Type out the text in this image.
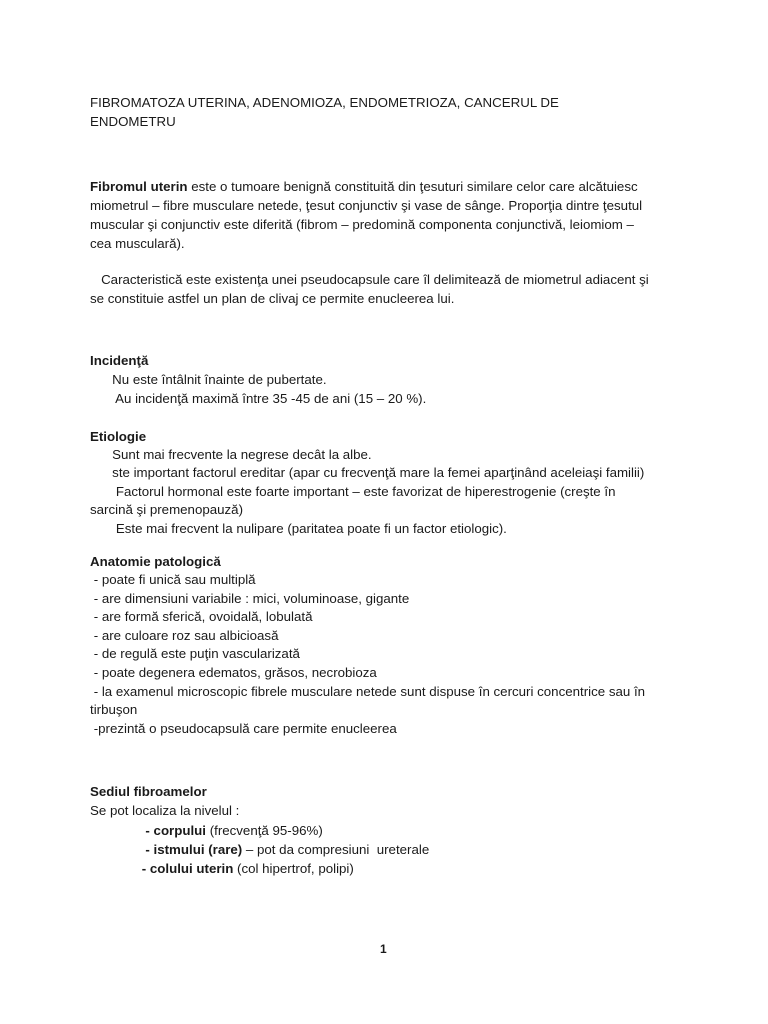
FIBROMATOZA UTERINA, ADENOMIOZA, ENDOMETRIOZA, CANCERUL DE

ENDOMETRU

Fibromul uterin este o tumoare benignă constituită din ţesuturi similare celor care alcătuiesc

miometrul – fibre musculare netede, ţesut conjunctiv şi vase de sânge. Proporţia dintre ţesutul

muscular şi conjunctiv este diferită (fibrom – predomină componenta conjunctivă, leiomiom –

cea musculară).

Caracteristică este existenţa unei pseudocapsule care îl delimitează de miometrul adiacent şi

se constituie astfel un plan de clivaj ce permite enucleerea lui.

Incidenţă

Nu este întâlnit înainte de pubertate.

Au incidenţă maximă între 35 -45 de ani (15 – 20 %).

Etiologie

Sunt mai frecvente la negrese decât la albe.

ste important factorul ereditar (apar cu frecvenţă mare la femei aparţinând aceleiaşi familii)

Factorul hormonal este foarte important – este favorizat de hiperestrogenie (creşte în

sarcină şi premenopauză)

Este mai frecvent la nulipare (paritatea poate fi un factor etiologic).

Anatomie patologică

- poate fi unică sau multiplă

- are dimensiuni variabile : mici, voluminoase, gigante

- are formă sferică, ovoidală, lobulată

- are culoare roz sau albicioasă

- de regulă este puţin vascularizată

- poate degenera edematos, grăsos, necrobioza

- la examenul microscopic fibrele musculare netede sunt dispuse în cercuri concentrice sau în

tirbuşon

-prezintă o pseudocapsulă care permite enucleerea

Sediul fibroamelor

Se pot localiza la nivelul :

- corpului (frecvenţă 95-96%)

- istmului (rare) – pot da compresiuni  ureterale

- colului uterin (col hipertrof, polipi)

1
